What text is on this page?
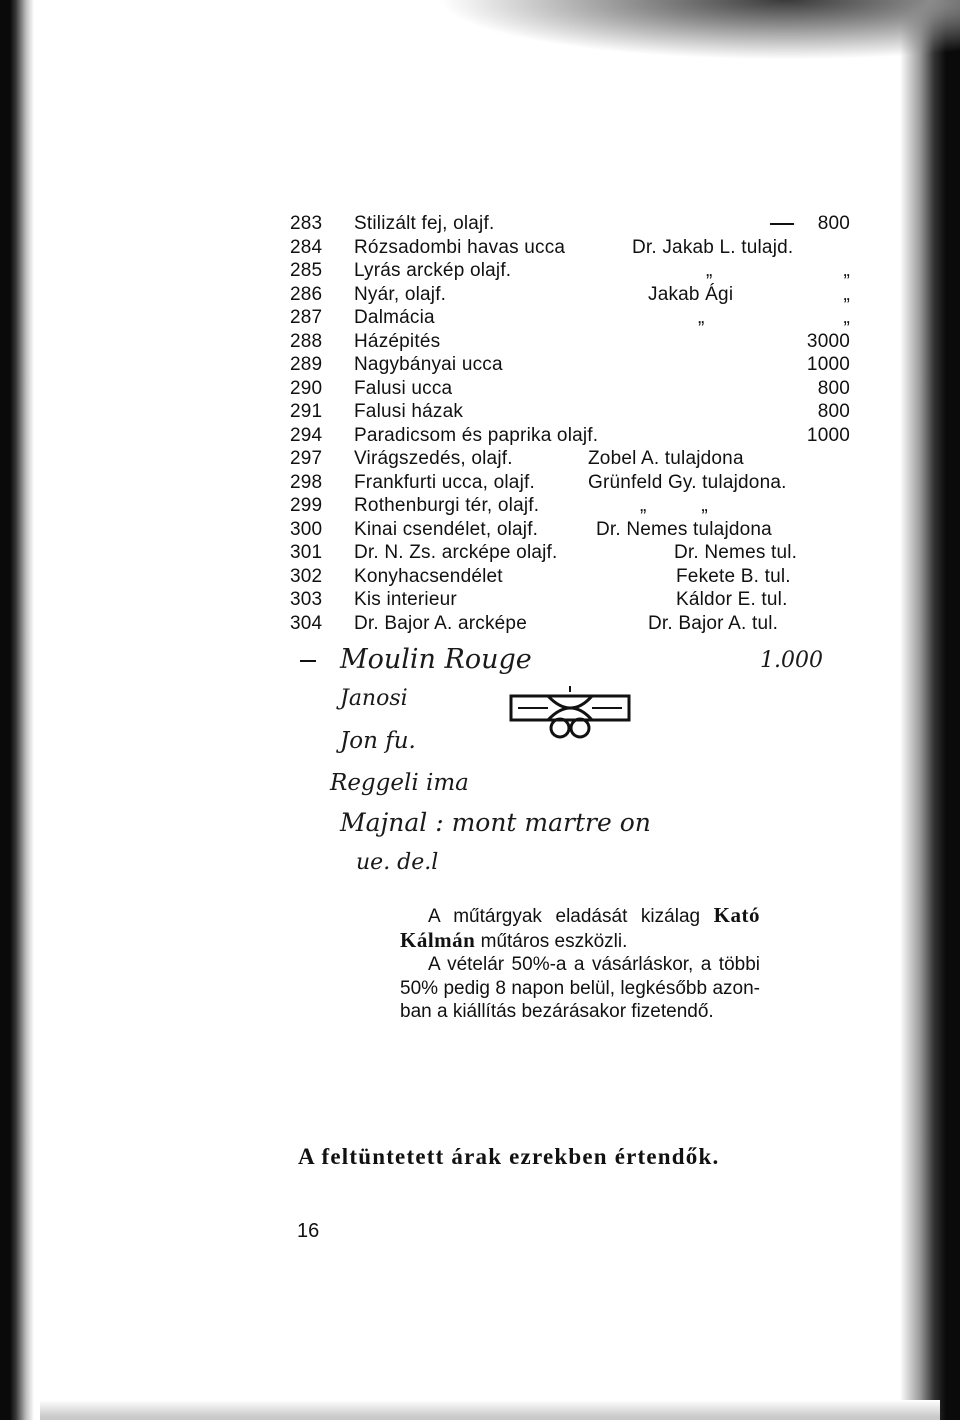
283	Stilizált fej, olajf.	800
284	Rózsadombi havas ucca	Dr. Jakab L. tulajd.
285	Lyrás arckép olajf.	„	„
286	Nyár, olajf.	Jakab Ági	„
287	Dalmácia	„	„
288	Házépités	3000
289	Nagybányai ucca	1000
290	Falusi ucca	800
291	Falusi házak	800
294	Paradicsom és paprika olajf.	1000
297	Virágszedés, olajf.	Zobel A. tulajdona
298	Frankfurti ucca, olajf.	Grünfeld Gy. tulajdona.
299	Rothenburgi tér, olajf.	„          „
300	Kinai csendélet, olajf.	Dr. Nemes tulajdona
301	Dr. N. Zs. arcképe olajf.	Dr. Nemes tul.
302	Konyhacsendélet	Fekete B. tul.
303	Kis interieur	Káldor E. tul.
304	Dr. Bajor A. arcképe	Dr. Bajor A. tul.
Moulin Rouge	1.000
Janosi
Jon fu.
Reggeli ima
Majnal : mont martre on
ue. de.l

A műtárgyak eladását kizálag Kató Kálmán műtáros eszközli.

A vételár 50%-a a vásárláskor, a többi 50% pedig 8 napon belül, legkésőbb azonban a kiállítás bezárásakor fizetendő.

A feltüntetett árak ezrekben értendők.
16
